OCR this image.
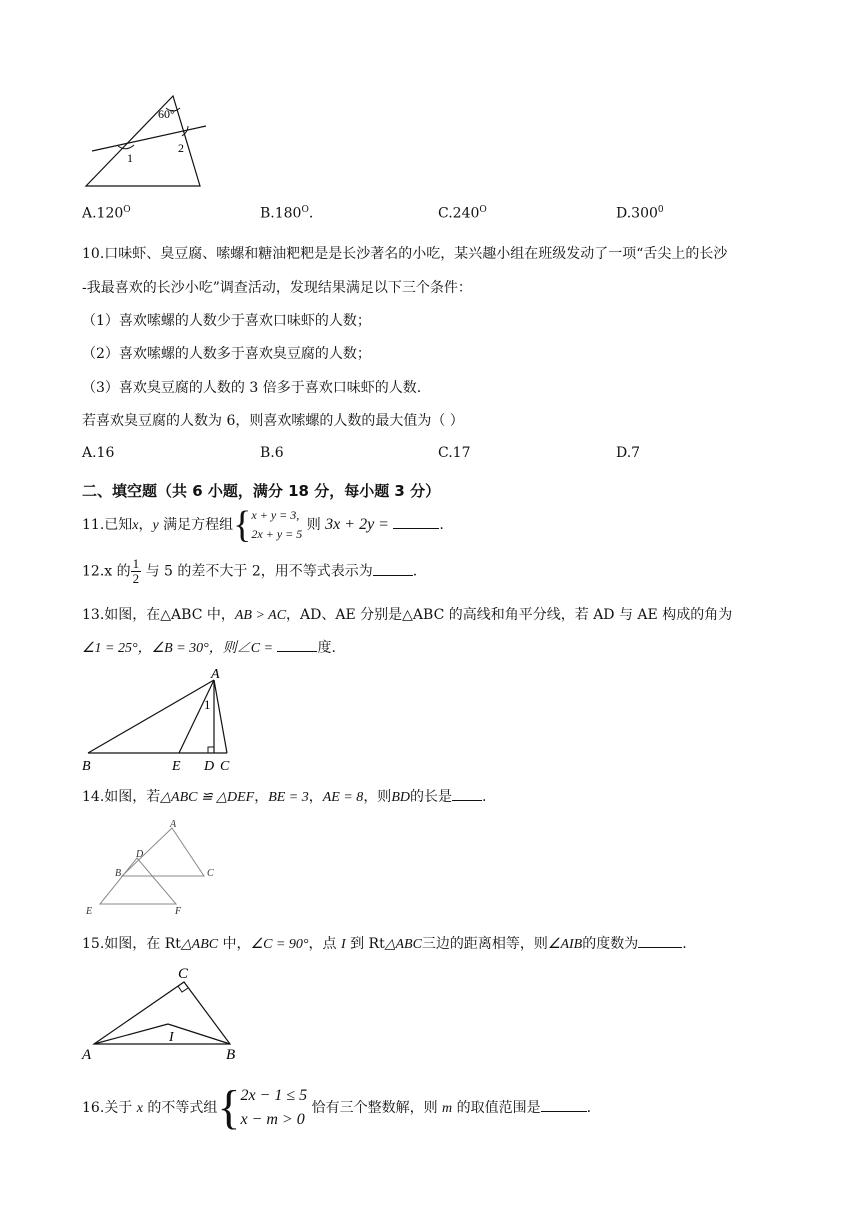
60°
1
2
$A.120^O$	$B.180^O$.	$C.240^O$	D.300$^0$
10.口味虾、臭豆腐、嗦螺和糖油粑粑是是长沙著名的小吃，某兴趣小组在班级发动了一项“舌尖上的长沙
-我最喜欢的长沙小吃”调查活动，发现结果满足以下三个条件：
（1）喜欢嗦螺的人数少于喜欢口味虾的人数；
（2）喜欢嗦螺的人数多于喜欢臭豆腐的人数；
（3）喜欢臭豆腐的人数的 3 倍多于喜欢口味虾的人数.
若喜欢臭豆腐的人数为 6，则喜欢嗦螺的人数的最大值为（ ）
A.16	B.6	C.17	D.7
二、填空题（共 6 小题，满分 18 分，每小题 3 分）
11.已知x，y 满足方程组{x + y = 3,
2x + y = 5 则 3x + 2y =	.
12.x 的 $\frac{1}{2}$ 与 5 的差不大于 2，用不等式表示为	.
13.如图，在△ABC 中，AB > AC，AD、AE 分别是△ABC 的高线和角平分线，若 AD 与 AE 构成的角为
∠1 = 25°，∠B = 30°，则∠C =	度.
A
B	E D C
1
14.如图，若△ABC ≌ △DEF，BE = 3，AE = 8，则BD的长是 .
A
B	C
D
E	F
15.如图，在 Rt△ABC 中，∠C = 90°，点 I 到 Rt△ABC三边的距离相等，则∠AIB的度数为	.
C
A	B
I
16.关于 x 的不等式组{2x − 1 ≤ 5
x − m > 0 恰有三个整数解，则 m 的取值范围是	.
